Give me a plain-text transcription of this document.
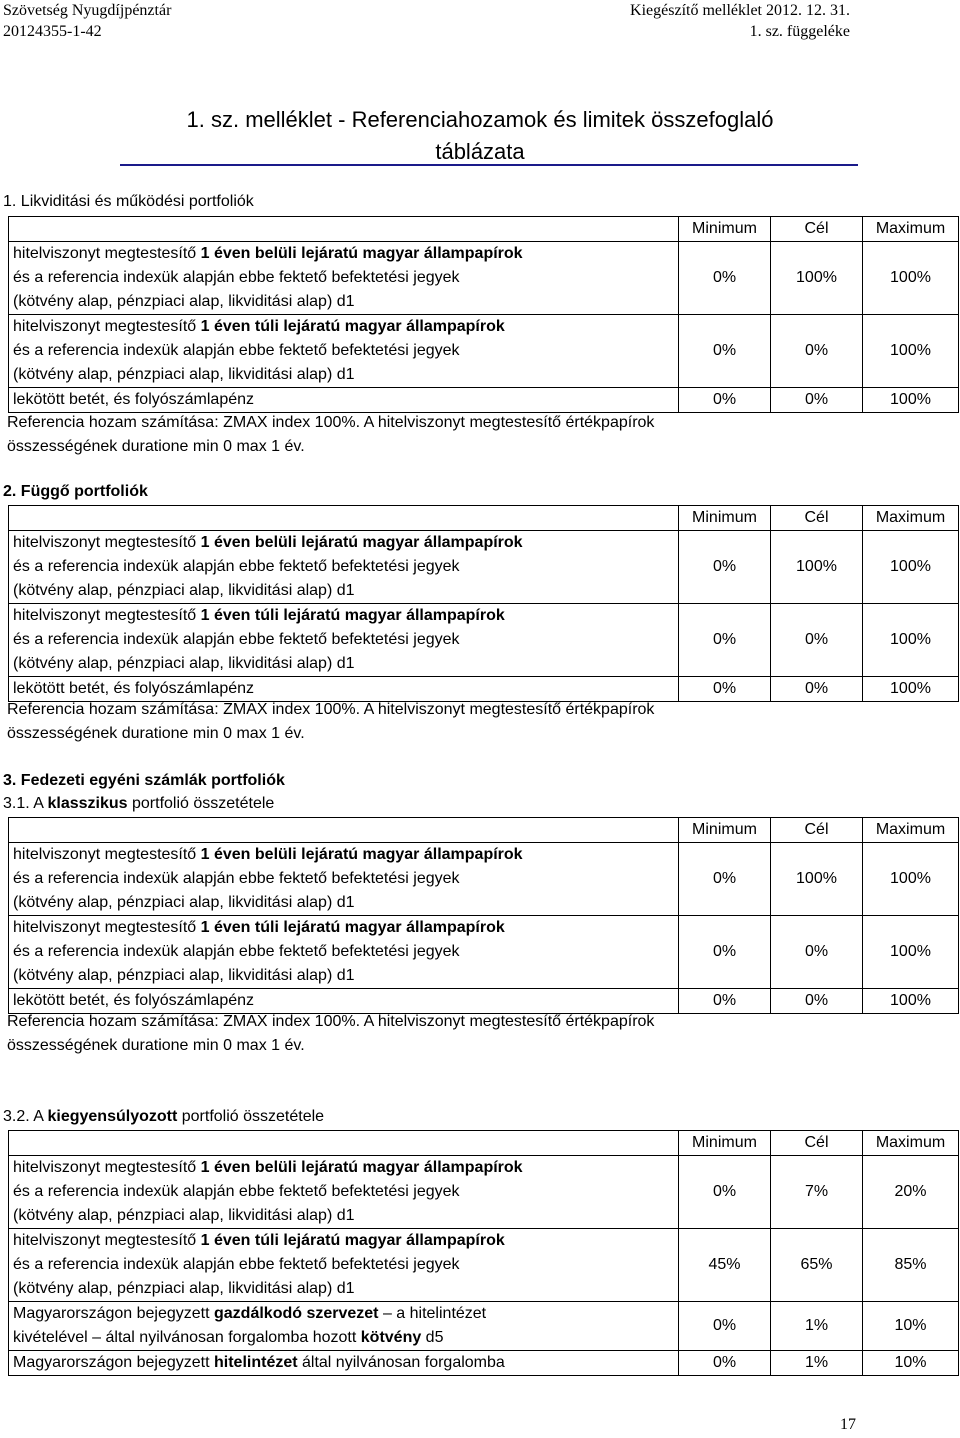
Szövetség Nyugdíjpénztár
20124355-1-42
Kiegészítő melléklet 2012. 12. 31.
1. sz. függeléke
1. sz. melléklet - Referenciahozamok és limitek összefoglaló
táblázata
1. Likviditási és működési portfoliók
	Minimum	Cél	Maximum
hitelviszonyt megtestesítő 1 éven belüli lejáratú magyar állampapírok
és a referencia indexük alapján ebbe fektető befektetési jegyek
(kötvény alap, pénzpiaci alap, likviditási alap) d1	0%	100%	100%
hitelviszonyt megtestesítő 1 éven túli lejáratú magyar állampapírok
és a referencia indexük alapján ebbe fektető befektetési jegyek
(kötvény alap, pénzpiaci alap, likviditási alap) d1	0%	0%	100%
lekötött betét, és folyószámlapénz	0%	0%	100%
Referencia hozam számítása: ZMAX index 100%. A hitelviszonyt megtestesítő értékpapírok
összességének duratione min 0 max 1 év.
2. Függő portfoliók
	Minimum	Cél	Maximum
hitelviszonyt megtestesítő 1 éven belüli lejáratú magyar állampapírok
és a referencia indexük alapján ebbe fektető befektetési jegyek
(kötvény alap, pénzpiaci alap, likviditási alap) d1	0%	100%	100%
hitelviszonyt megtestesítő 1 éven túli lejáratú magyar állampapírok
és a referencia indexük alapján ebbe fektető befektetési jegyek
(kötvény alap, pénzpiaci alap, likviditási alap) d1	0%	0%	100%
lekötött betét, és folyószámlapénz	0%	0%	100%
Referencia hozam számítása: ZMAX index 100%. A hitelviszonyt megtestesítő értékpapírok
összességének duratione min 0 max 1 év.
3. Fedezeti egyéni számlák portfoliók
3.1. A klasszikus portfolió összetétele
	Minimum	Cél	Maximum
hitelviszonyt megtestesítő 1 éven belüli lejáratú magyar állampapírok
és a referencia indexük alapján ebbe fektető befektetési jegyek
(kötvény alap, pénzpiaci alap, likviditási alap) d1	0%	100%	100%
hitelviszonyt megtestesítő 1 éven túli lejáratú magyar állampapírok
és a referencia indexük alapján ebbe fektető befektetési jegyek
(kötvény alap, pénzpiaci alap, likviditási alap) d1	0%	0%	100%
lekötött betét, és folyószámlapénz	0%	0%	100%
Referencia hozam számítása: ZMAX index 100%. A hitelviszonyt megtestesítő értékpapírok
összességének duratione min 0 max 1 év.
3.2. A kiegyensúlyozott portfolió összetétele
	Minimum	Cél	Maximum
hitelviszonyt megtestesítő 1 éven belüli lejáratú magyar állampapírok
és a referencia indexük alapján ebbe fektető befektetési jegyek
(kötvény alap, pénzpiaci alap, likviditási alap) d1	0%	7%	20%
hitelviszonyt megtestesítő 1 éven túli lejáratú magyar állampapírok
és a referencia indexük alapján ebbe fektető befektetési jegyek
(kötvény alap, pénzpiaci alap, likviditási alap) d1	45%	65%	85%
Magyarországon bejegyzett gazdálkodó szervezet – a hitelintézet
kivételével – által nyilvánosan forgalomba hozott kötvény d5	0%	1%	10%
Magyarországon bejegyzett hitelintézet által nyilvánosan forgalomba	0%	1%	10%
17
